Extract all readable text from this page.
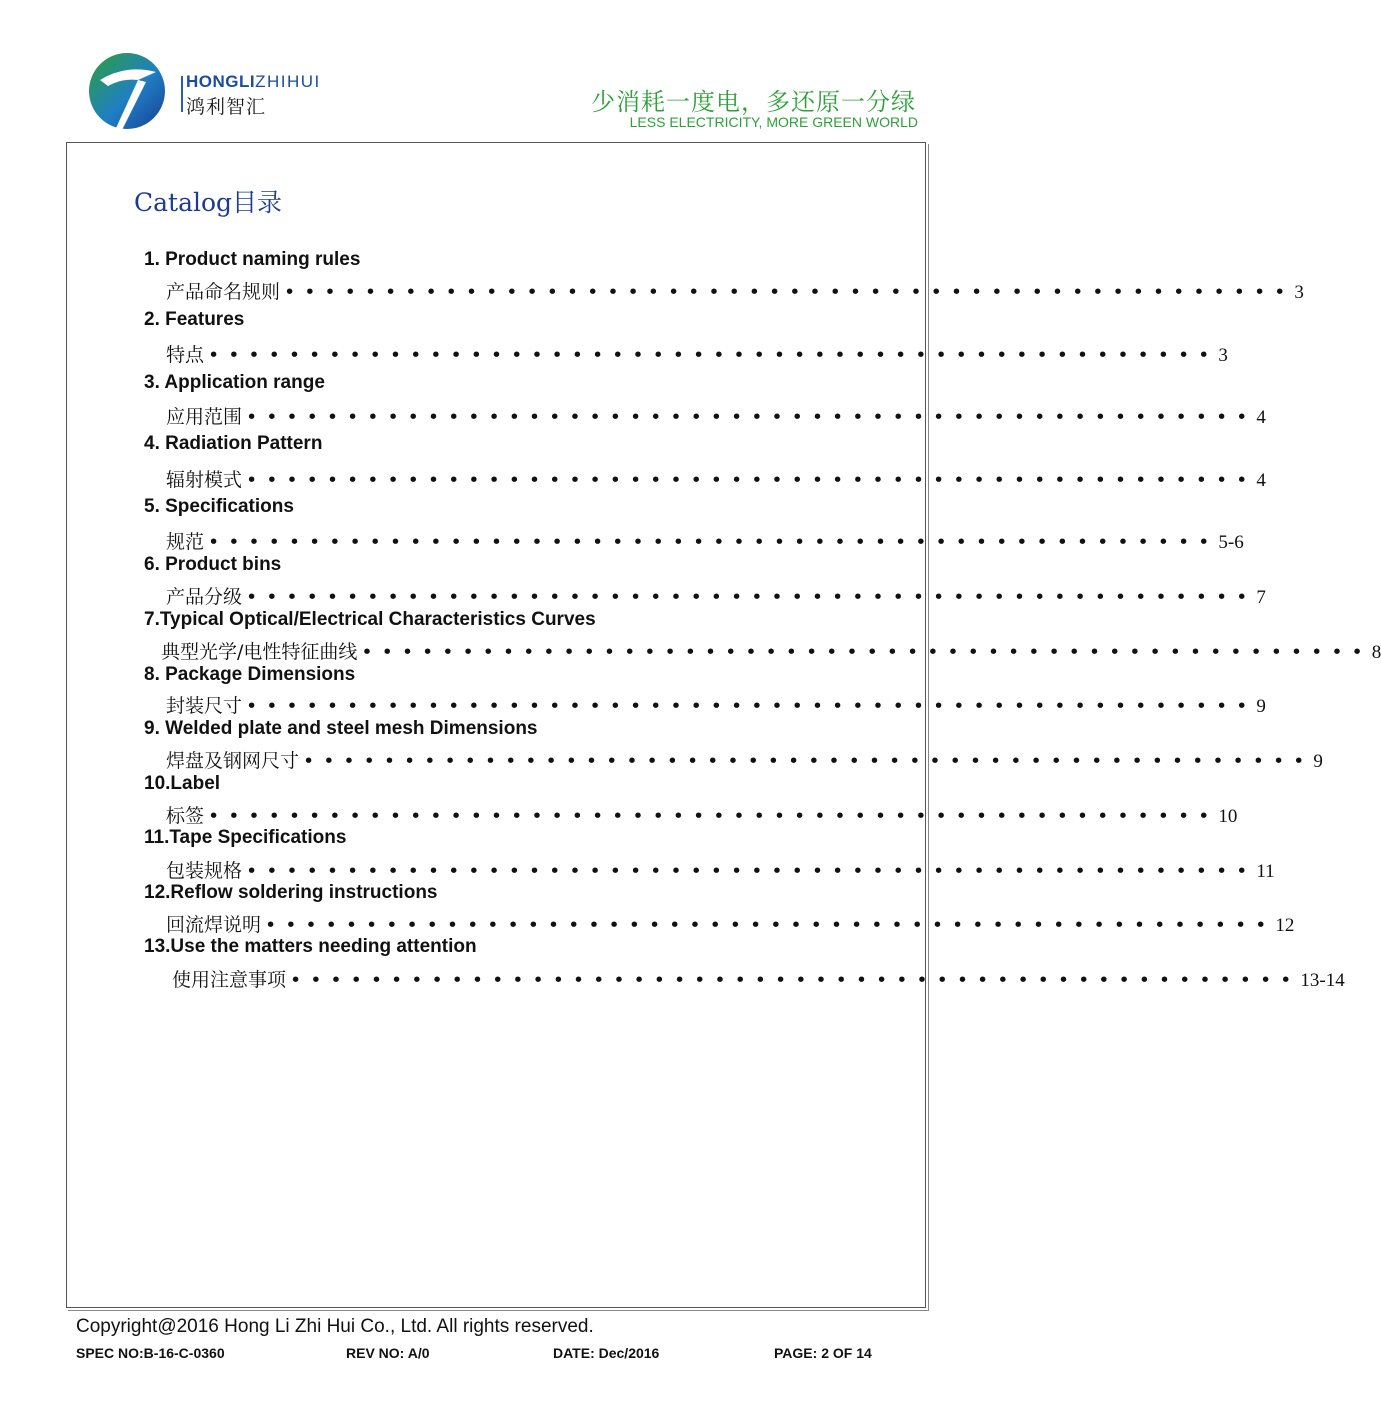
HONGLIZHIHUI
鸿利智汇	少消耗一度电，多还原一分绿
LESS ELECTRICITY, MORE GREEN WORLD
Catalog目录
1. Product naming rules
产品命名规则 •••••••••••••••••••••••••••••••••••••••••••••••••• 3
2. Features
特点 •••••••••••••••••••••••••••••••••••••••••••••••••• 3
3. Application range
应用范围 •••••••••••••••••••••••••••••••••••••••••••••••••• 4
4. Radiation Pattern
辐射模式 •••••••••••••••••••••••••••••••••••••••••••••••••• 4
5. Specifications
规范 •••••••••••••••••••••••••••••••••••••••••••••••••• 5-6
6. Product bins
产品分级 •••••••••••••••••••••••••••••••••••••••••••••••••• 7
7.Typical Optical/Electrical Characteristics Curves
典型光学/电性特征曲线 •••••••••••••••••••••••••••••••••••••••••••••••••• 8
8. Package Dimensions
封装尺寸 •••••••••••••••••••••••••••••••••••••••••••••••••• 9
9. Welded plate and steel mesh Dimensions
焊盘及钢网尺寸 •••••••••••••••••••••••••••••••••••••••••••••••••• 9
10.Label
标签 •••••••••••••••••••••••••••••••••••••••••••••••••• 10
11.Tape Specifications
包装规格 •••••••••••••••••••••••••••••••••••••••••••••••••• 11
12.Reflow soldering instructions
回流焊说明 •••••••••••••••••••••••••••••••••••••••••••••••••• 12
13.Use the matters needing attention
使用注意事项 •••••••••••••••••••••••••••••••••••••••••••••••••• 13-14
Copyright@2016 Hong Li Zhi Hui Co., Ltd. All rights reserved.
SPEC NO:B-16-C-0360	REV NO: A/0	DATE: Dec/2016	PAGE: 2 OF 14
